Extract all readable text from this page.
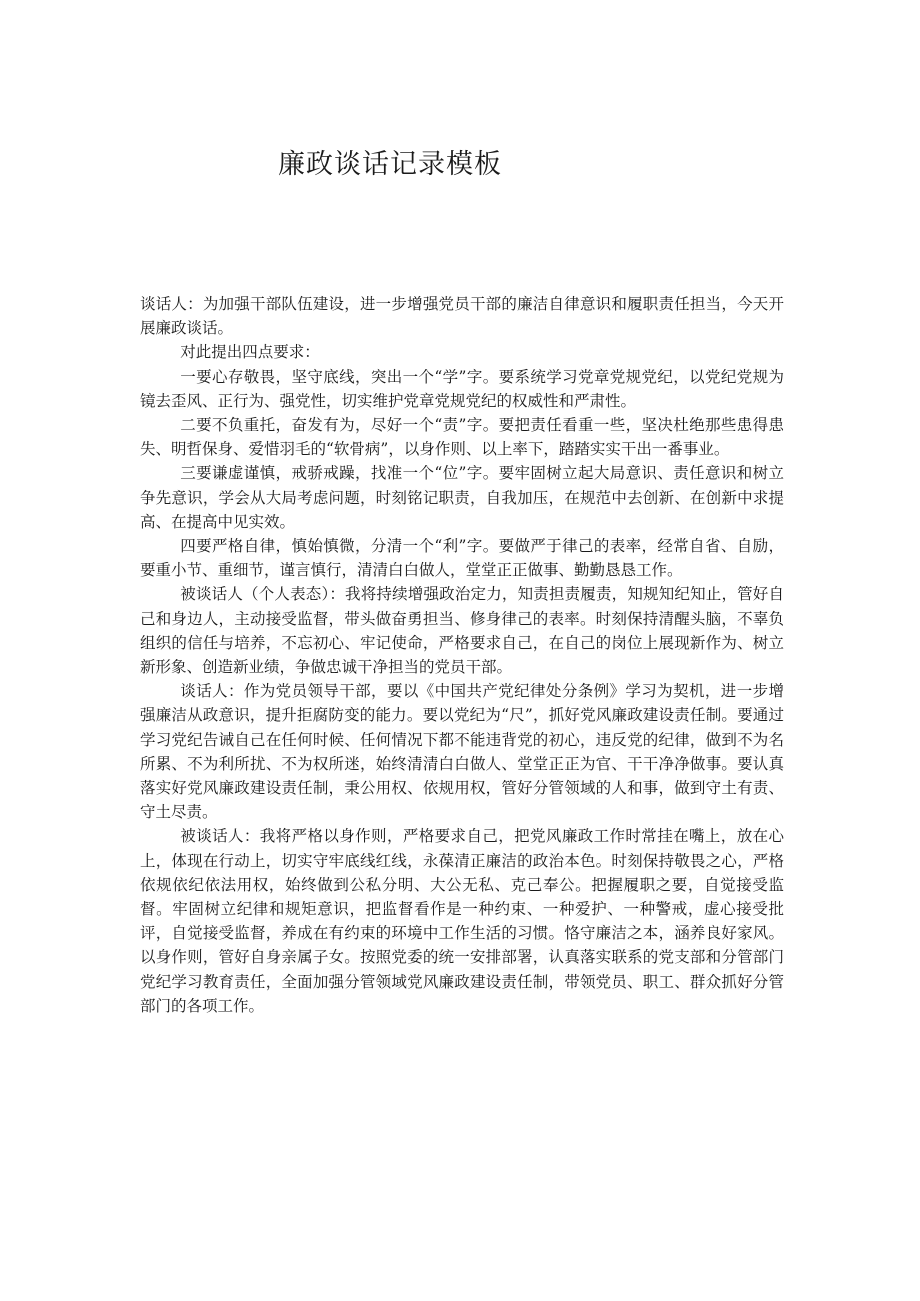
廉政谈话记录模板

谈话人：为加强干部队伍建设，进一步增强党员干部的廉洁自律意识和履职责任担当，今天开展廉政谈话。

对此提出四点要求：

一要心存敬畏，坚守底线，突出一个“学”字。要系统学习党章党规党纪，以党纪党规为镜去歪风、正行为、强党性，切实维护党章党规党纪的权威性和严肃性。

二要不负重托，奋发有为，尽好一个“责”字。要把责任看重一些，坚决杜绝那些患得患失、明哲保身、爱惜羽毛的“软骨病”，以身作则、以上率下，踏踏实实干出一番事业。

三要谦虚谨慎，戒骄戒躁，找准一个“位”字。要牢固树立起大局意识、责任意识和树立争先意识，学会从大局考虑问题，时刻铭记职责，自我加压，在规范中去创新、在创新中求提高、在提高中见实效。

四要严格自律，慎始慎微，分清一个“利”字。要做严于律己的表率，经常自省、自励，要重小节、重细节，谨言慎行，清清白白做人，堂堂正正做事、勤勤恳恳工作。

被谈话人（个人表态）：我将持续增强政治定力，知责担责履责，知规知纪知止，管好自己和身边人，主动接受监督，带头做奋勇担当、修身律己的表率。时刻保持清醒头脑，不辜负组织的信任与培养，不忘初心、牢记使命，严格要求自己，在自己的岗位上展现新作为、树立新形象、创造新业绩，争做忠诚干净担当的党员干部。

谈话人：作为党员领导干部，要以《中国共产党纪律处分条例》学习为契机，进一步增强廉洁从政意识，提升拒腐防变的能力。要以党纪为“尺”，抓好党风廉政建设责任制。要通过学习党纪告诫自己在任何时候、任何情况下都不能违背党的初心，违反党的纪律，做到不为名所累、不为利所扰、不为权所迷，始终清清白白做人、堂堂正正为官、干干净净做事。要认真落实好党风廉政建设责任制，秉公用权、依规用权，管好分管领域的人和事，做到守土有责、守土尽责。

被谈话人：我将严格以身作则，严格要求自己，把党风廉政工作时常挂在嘴上，放在心上，体现在行动上，切实守牢底线红线，永葆清正廉洁的政治本色。时刻保持敬畏之心，严格依规依纪依法用权，始终做到公私分明、大公无私、克己奉公。把握履职之要，自觉接受监督。牢固树立纪律和规矩意识，把监督看作是一种约束、一种爱护、一种警戒，虚心接受批评，自觉接受监督，养成在有约束的环境中工作生活的习惯。恪守廉洁之本，涵养良好家风。以身作则，管好自身亲属子女。按照党委的统一安排部署，认真落实联系的党支部和分管部门党纪学习教育责任，全面加强分管领域党风廉政建设责任制，带领党员、职工、群众抓好分管部门的各项工作。
